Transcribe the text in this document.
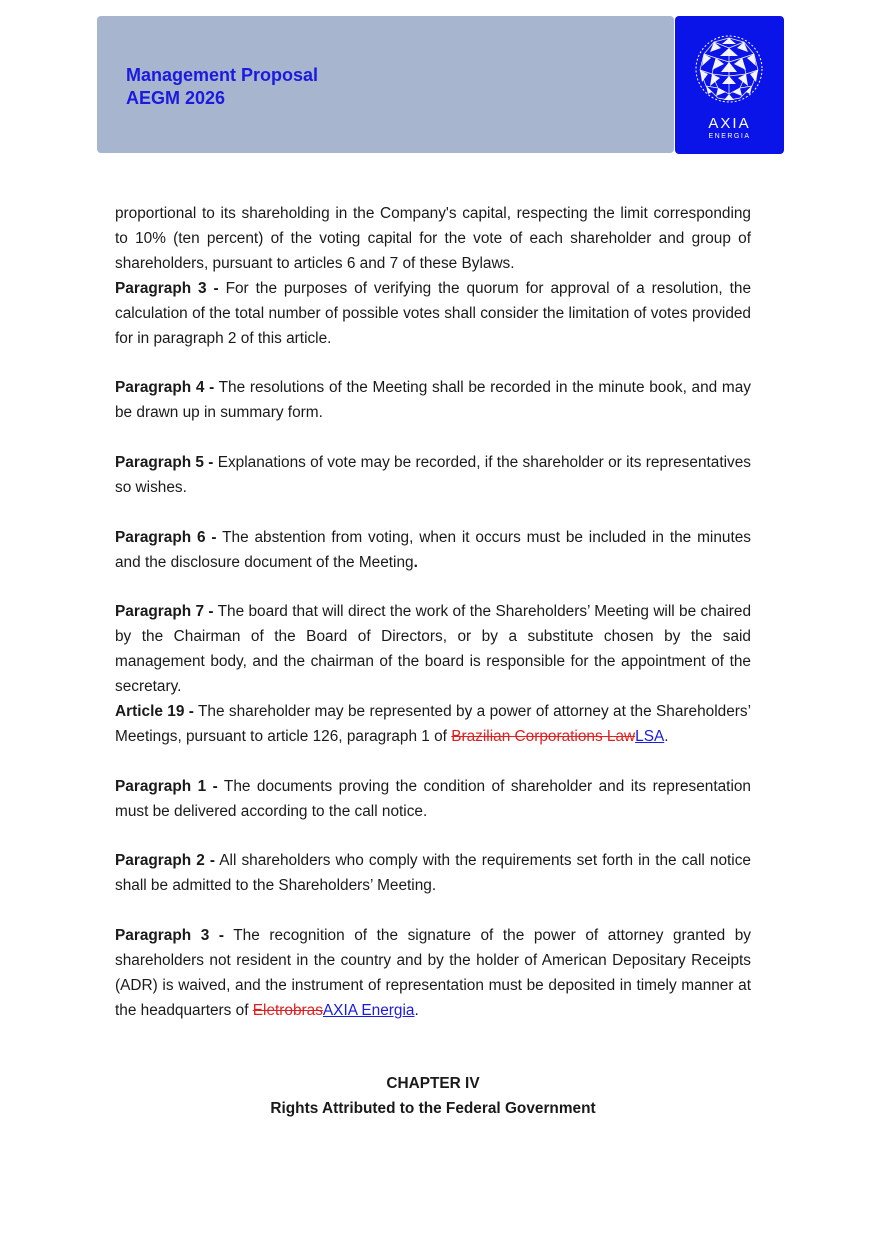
Management Proposal
AEGM 2026
AXIA
ENERGIA

proportional to its shareholding in the Company's capital, respecting the limit corresponding to 10% (ten percent) of the voting capital for the vote of each shareholder and group of shareholders, pursuant to articles 6 and 7 of these Bylaws.

Paragraph 3 - For the purposes of verifying the quorum for approval of a resolution, the calculation of the total number of possible votes shall consider the limitation of votes provided for in paragraph 2 of this article.

Paragraph 4 - The resolutions of the Meeting shall be recorded in the minute book, and may be drawn up in summary form.

Paragraph 5 - Explanations of vote may be recorded, if the shareholder or its representatives so wishes.

Paragraph 6 - The abstention from voting, when it occurs must be included in the minutes and the disclosure document of the Meeting.

Paragraph 7 - The board that will direct the work of the Shareholders’ Meeting will be chaired by the Chairman of the Board of Directors, or by a substitute chosen by the said management body, and the chairman of the board is responsible for the appointment of the secretary.

Article 19 - The shareholder may be represented by a power of attorney at the Shareholders’ Meetings, pursuant to article 126, paragraph 1 of Brazilian Corporations LawLSA.

Paragraph 1 - The documents proving the condition of shareholder and its representation must be delivered according to the call notice.

Paragraph 2 - All shareholders who comply with the requirements set forth in the call notice shall be admitted to the Shareholders’ Meeting.

Paragraph 3 - The recognition of the signature of the power of attorney granted by shareholders not resident in the country and by the holder of American Depositary Receipts (ADR) is waived, and the instrument of representation must be deposited in timely manner at the headquarters of EletrobrasAXIA Energia.

CHAPTER IV
Rights Attributed to the Federal Government
